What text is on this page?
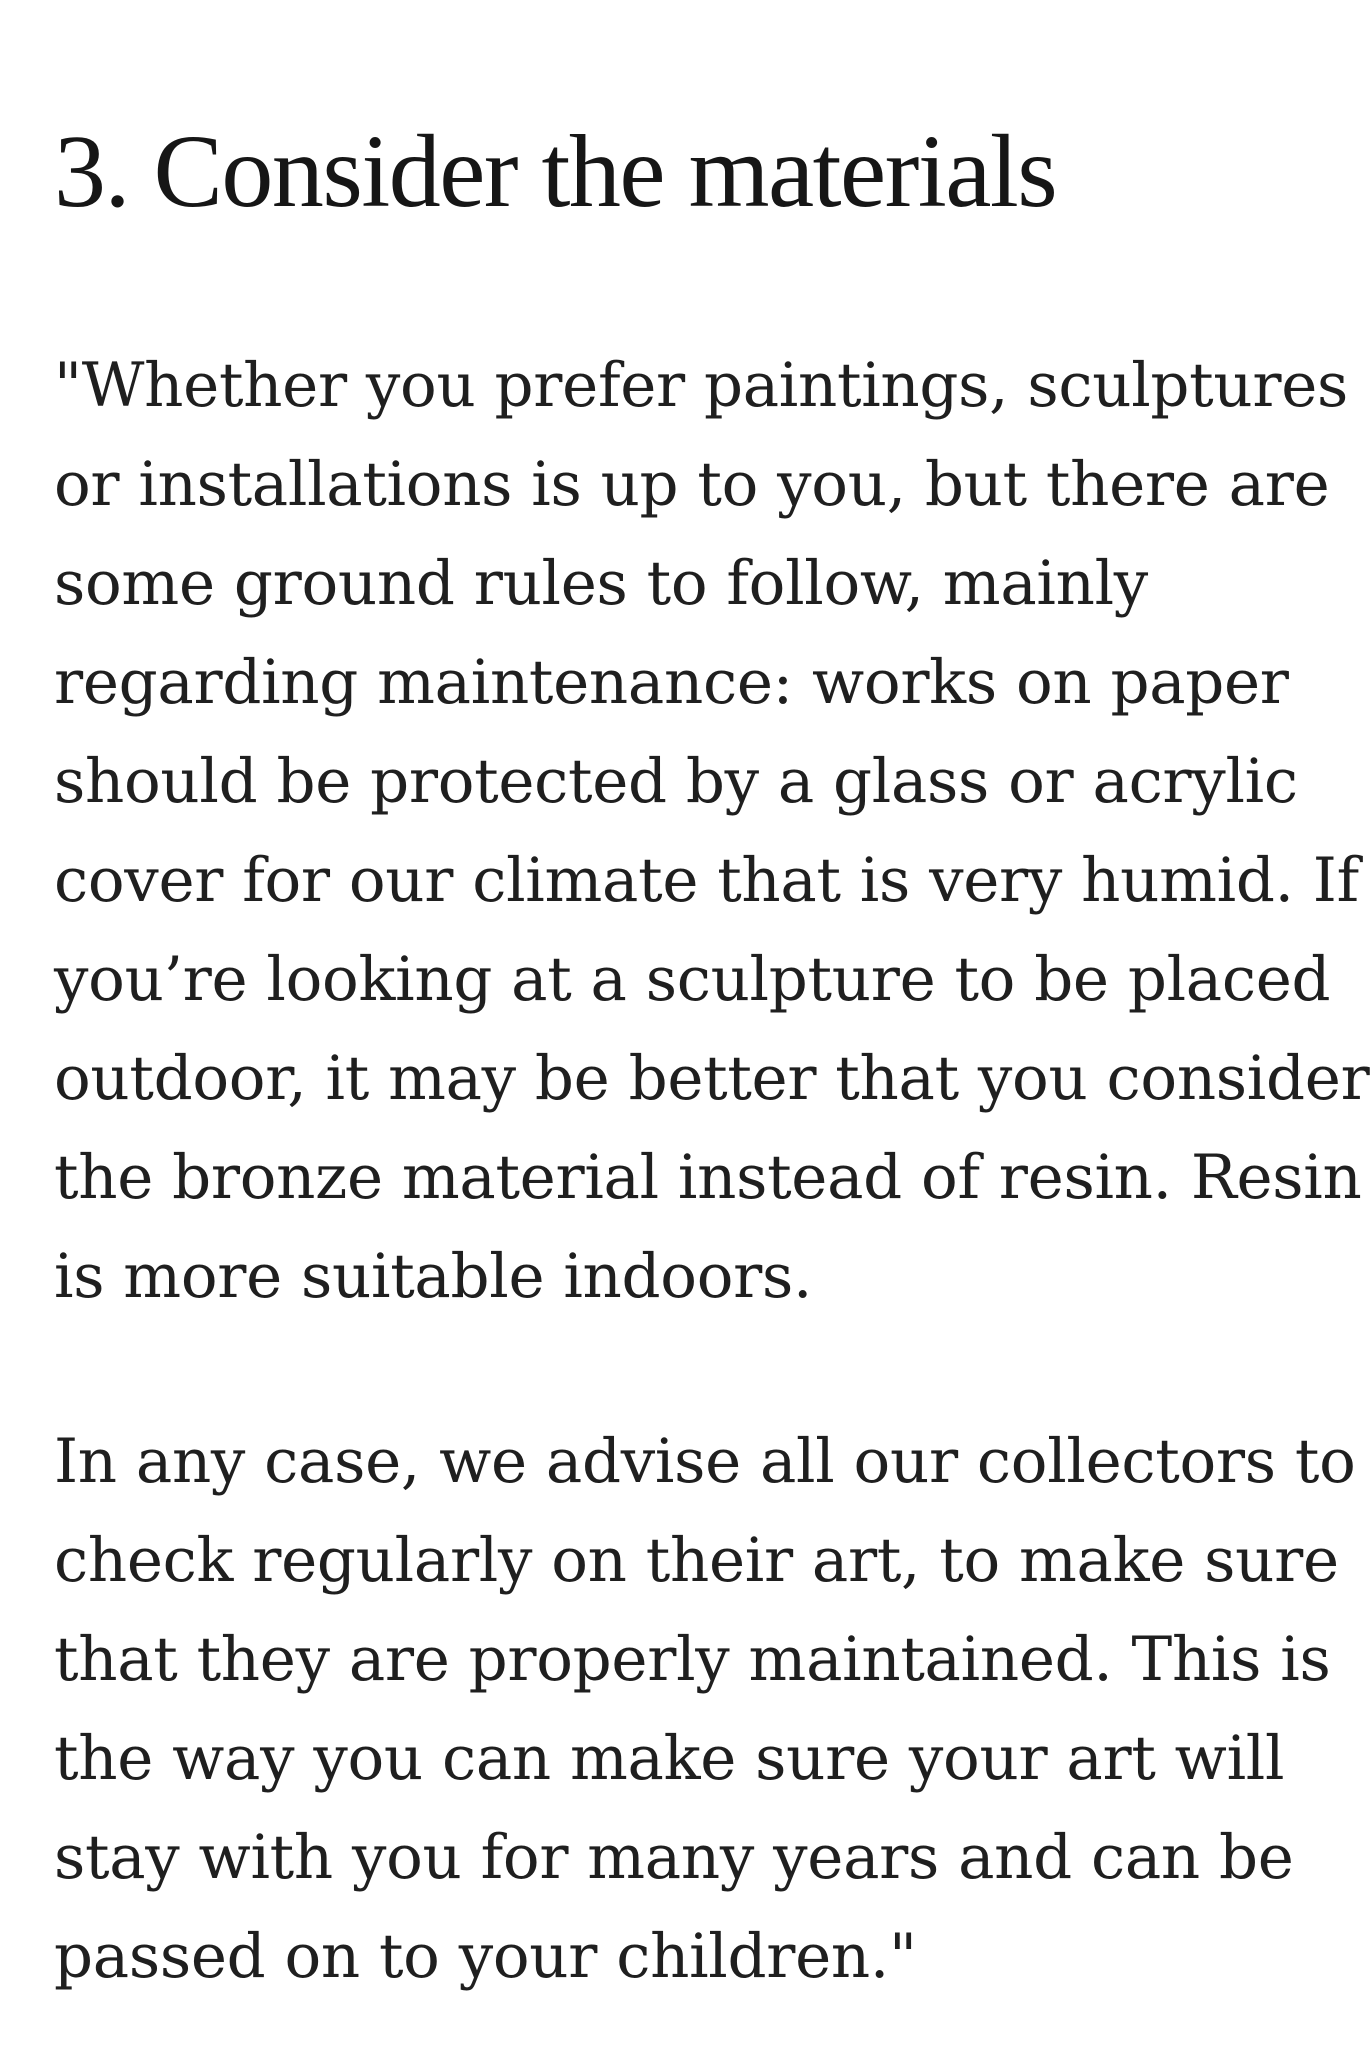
3. Consider the materials

"Whether you prefer paintings, sculptures
or installations is up to you, but there are
some ground rules to follow, mainly
regarding maintenance: works on paper
should be protected by a glass or acrylic
cover for our climate that is very humid. If
you’re looking at a sculpture to be placed
outdoor, it may be better that you consider
the bronze material instead of resin. Resin
is more suitable indoors.

In any case, we advise all our collectors to
check regularly on their art, to make sure
that they are properly maintained. This is
the way you can make sure your art will
stay with you for many years and can be
passed on to your children."
